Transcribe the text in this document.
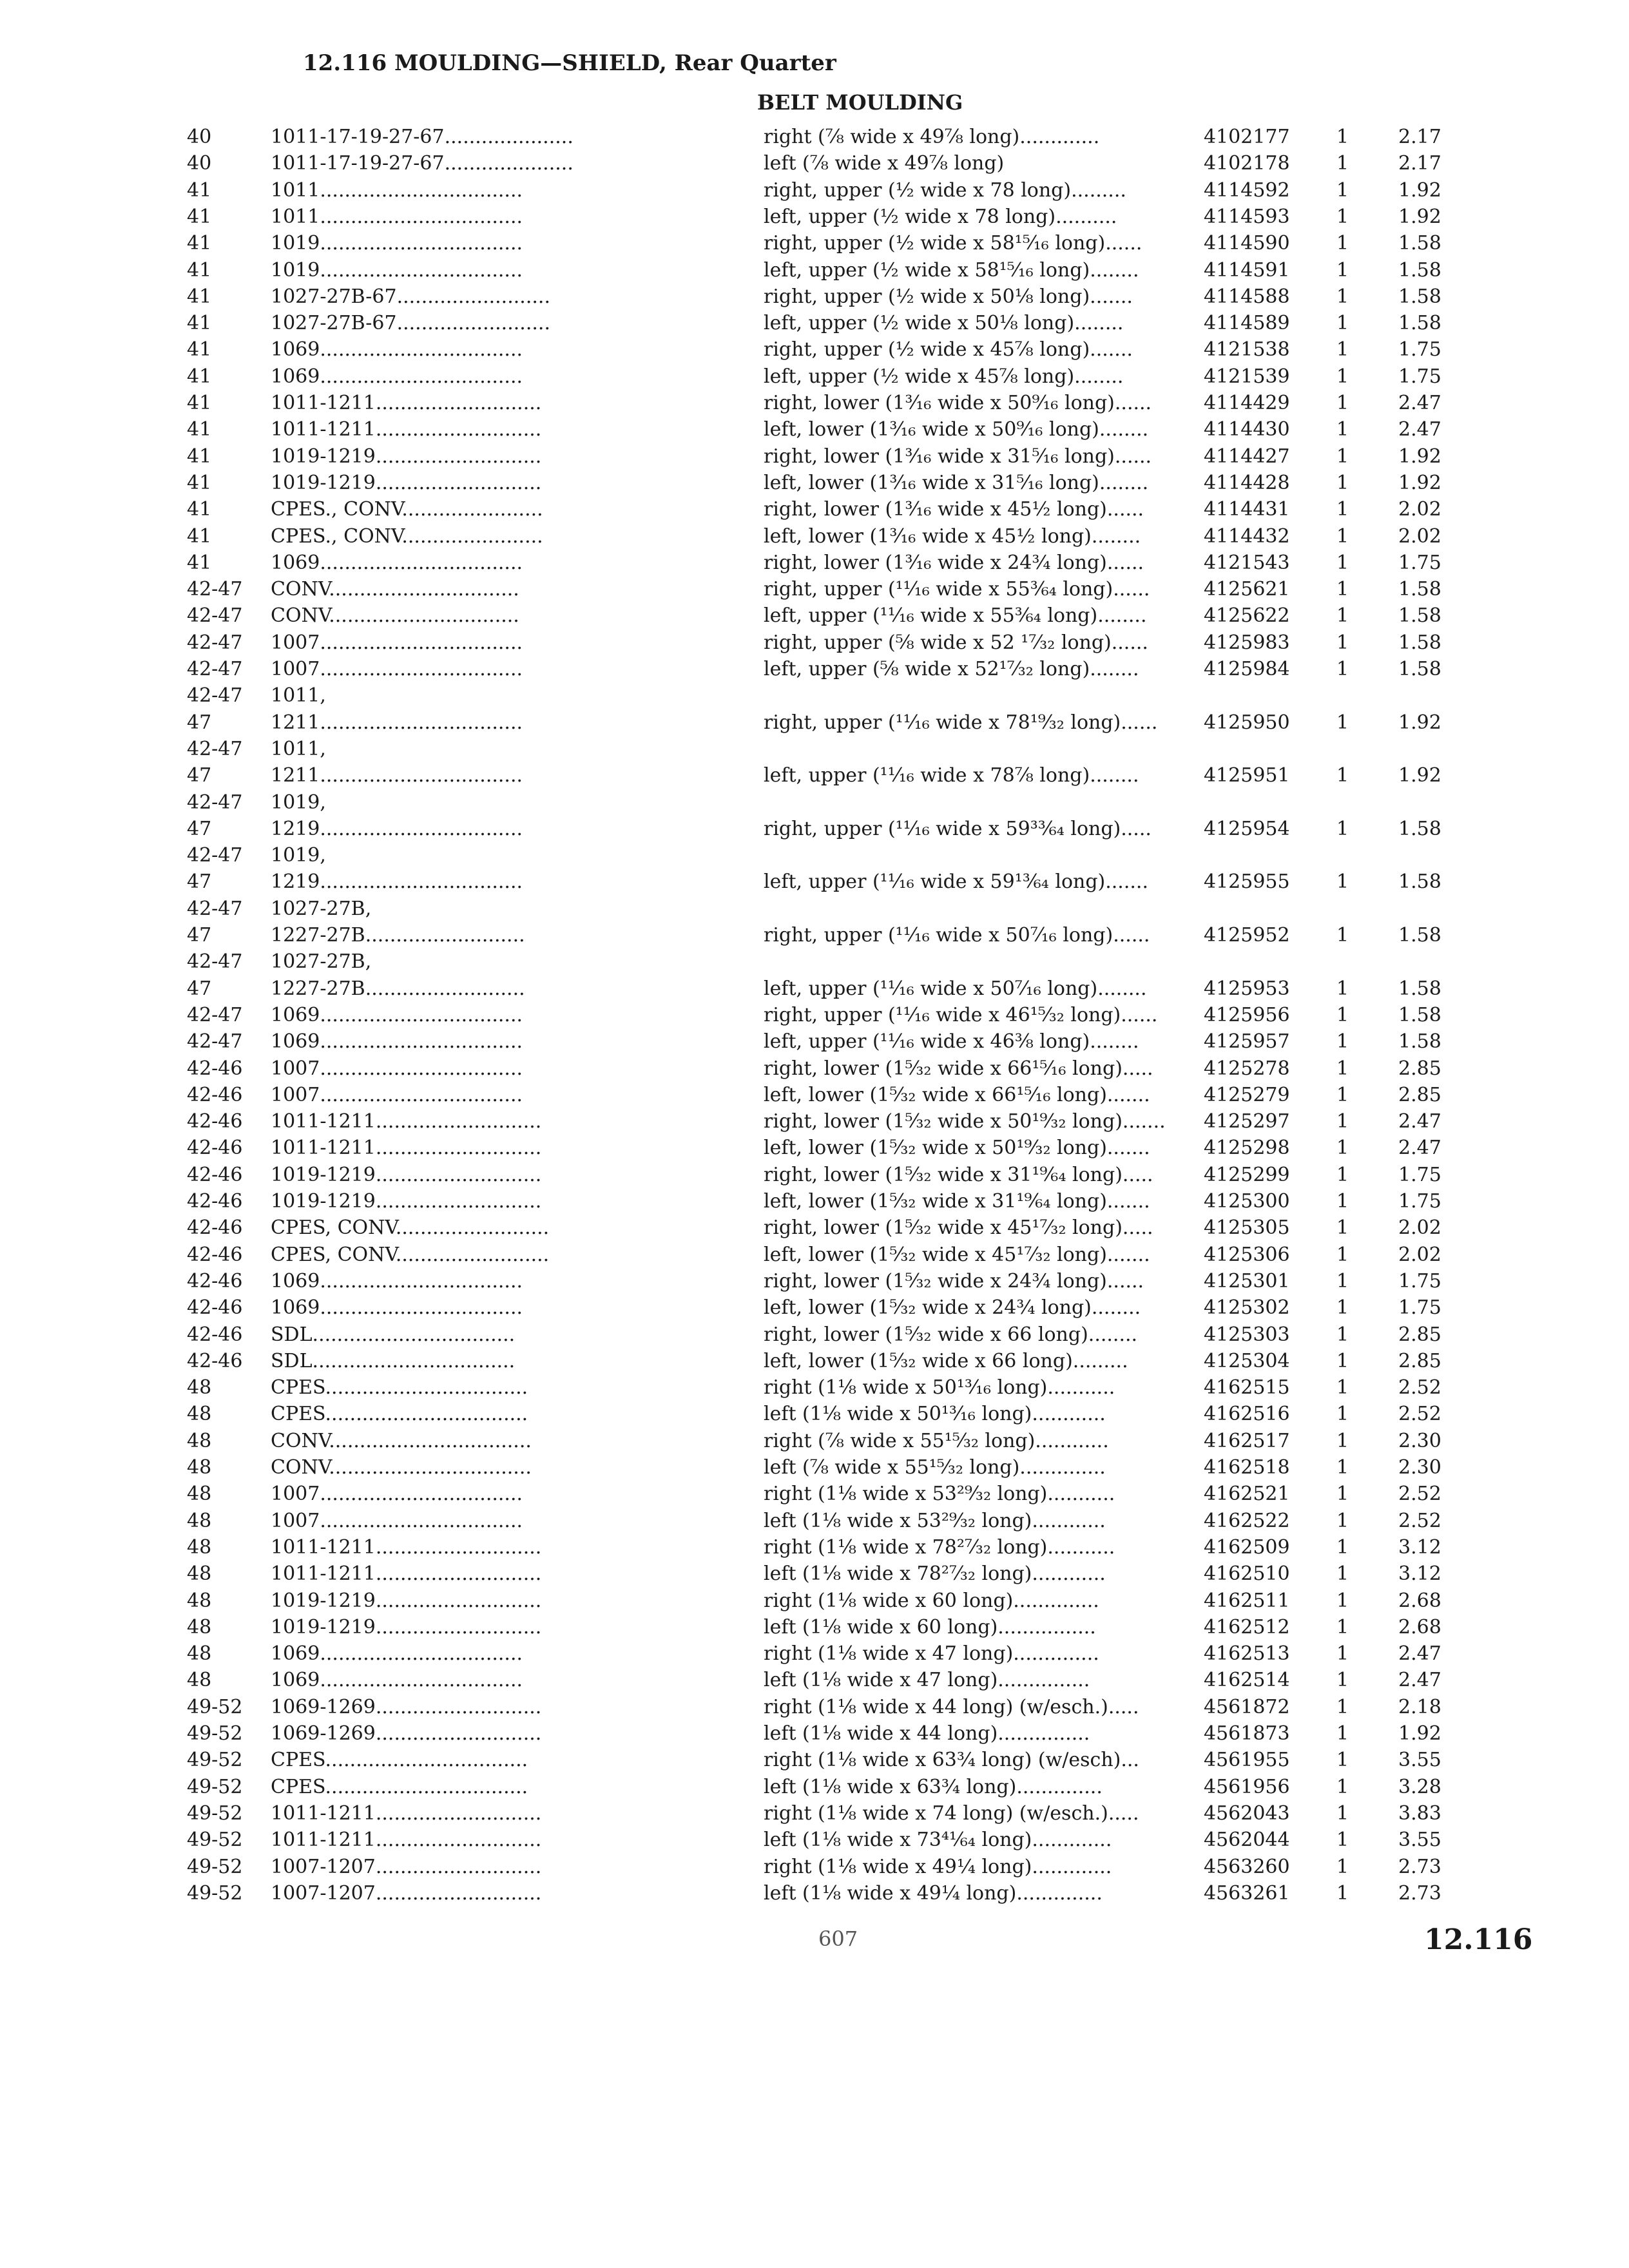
12.116 MOULDING—SHIELD, Rear Quarter
BELT MOULDING
40	1011-17-19-27-67.....................	right (⅞ wide x 49⅞ long).............	4102177 1	2.17
40	1011-17-19-27-67.....................	left (⅞ wide x 49⅞ long)	4102178 1	2.17
41	1011.................................	right, upper (½ wide x 78 long).........	4114592 1	1.92
41	1011.................................	left, upper (½ wide x 78 long)..........	4114593 1	1.92
41	1019.................................	right, upper (½ wide x 58¹⁵⁄₁₆ long)......	4114590 1	1.58
41	1019.................................	left, upper (½ wide x 58¹⁵⁄₁₆ long)........	4114591 1	1.58
41	1027-27B-67.........................	right, upper (½ wide x 50⅛ long).......	4114588 1	1.58
41	1027-27B-67.........................	left, upper (½ wide x 50⅛ long)........	4114589 1	1.58
41	1069.................................	right, upper (½ wide x 45⅞ long).......	4121538 1	1.75
41	1069.................................	left, upper (½ wide x 45⅞ long)........	4121539 1	1.75
41	1011-1211...........................	right, lower (1³⁄₁₆ wide x 50⁹⁄₁₆ long)......	4114429 1	2.47
41	1011-1211...........................	left, lower (1³⁄₁₆ wide x 50⁹⁄₁₆ long)........	4114430 1	2.47
41	1019-1219...........................	right, lower (1³⁄₁₆ wide x 31⁵⁄₁₆ long)......	4114427 1	1.92
41	1019-1219...........................	left, lower (1³⁄₁₆ wide x 31⁵⁄₁₆ long)........	4114428 1	1.92
41	CPES., CONV.......................	right, lower (1³⁄₁₆ wide x 45½ long)......	4114431 1	2.02
41	CPES., CONV.......................	left, lower (1³⁄₁₆ wide x 45½ long)........	4114432 1	2.02
41	1069.................................	right, lower (1³⁄₁₆ wide x 24¾ long)......	4121543 1	1.75
42-47 CONV...............................	right, upper (¹¹⁄₁₆ wide x 55³⁄₆₄ long)......	4125621 1	1.58
42-47 CONV...............................	left, upper (¹¹⁄₁₆ wide x 55³⁄₆₄ long)........	4125622 1	1.58
42-47 1007.................................	right, upper (⅝ wide x 52 ¹⁷⁄₃₂ long)......	4125983 1	1.58
42-47 1007.................................	left, upper (⅝ wide x 52¹⁷⁄₃₂ long)........	4125984 1	1.58
42-47 1011,
47	1211.................................	right, upper (¹¹⁄₁₆ wide x 78¹⁹⁄₃₂ long)......	4125950 1	1.92
42-47 1011,
47	1211.................................	left, upper (¹¹⁄₁₆ wide x 78⅞ long)........	4125951 1	1.92
42-47 1019,
47	1219.................................	right, upper (¹¹⁄₁₆ wide x 59³³⁄₆₄ long).....	4125954 1	1.58
42-47 1019,
47	1219.................................	left, upper (¹¹⁄₁₆ wide x 59¹³⁄₆₄ long).......	4125955 1	1.58
42-47 1027-27B,
47	1227-27B..........................	right, upper (¹¹⁄₁₆ wide x 50⁷⁄₁₆ long)......	4125952 1	1.58
42-47 1027-27B,
47	1227-27B..........................	left, upper (¹¹⁄₁₆ wide x 50⁷⁄₁₆ long)........	4125953 1	1.58
42-47 1069.................................	right, upper (¹¹⁄₁₆ wide x 46¹⁵⁄₃₂ long)......	4125956 1	1.58
42-47 1069.................................	left, upper (¹¹⁄₁₆ wide x 46⅜ long)........	4125957 1	1.58
42-46 1007.................................	right, lower (1⁵⁄₃₂ wide x 66¹⁵⁄₁₆ long).....	4125278 1	2.85
42-46 1007.................................	left, lower (1⁵⁄₃₂ wide x 66¹⁵⁄₁₆ long).......	4125279 1	2.85
42-46 1011-1211...........................	right, lower (1⁵⁄₃₂ wide x 50¹⁹⁄₃₂ long).......	4125297 1	2.47
42-46 1011-1211...........................	left, lower (1⁵⁄₃₂ wide x 50¹⁹⁄₃₂ long).......	4125298 1	2.47
42-46 1019-1219...........................	right, lower (1⁵⁄₃₂ wide x 31¹⁹⁄₆₄ long).....	4125299 1	1.75
42-46 1019-1219...........................	left, lower (1⁵⁄₃₂ wide x 31¹⁹⁄₆₄ long).......	4125300 1	1.75
42-46 CPES, CONV.........................	right, lower (1⁵⁄₃₂ wide x 45¹⁷⁄₃₂ long).....	4125305 1	2.02
42-46 CPES, CONV.........................	left, lower (1⁵⁄₃₂ wide x 45¹⁷⁄₃₂ long).......	4125306 1	2.02
42-46 1069.................................	right, lower (1⁵⁄₃₂ wide x 24¾ long)......	4125301 1	1.75
42-46 1069.................................	left, lower (1⁵⁄₃₂ wide x 24¾ long)........	4125302 1	1.75
42-46 SDL.................................	right, lower (1⁵⁄₃₂ wide x 66 long)........	4125303 1	2.85
42-46 SDL.................................	left, lower (1⁵⁄₃₂ wide x 66 long).........	4125304 1	2.85
48	CPES.................................	right (1⅛ wide x 50¹³⁄₁₆ long)...........	4162515 1	2.52
48	CPES.................................	left (1⅛ wide x 50¹³⁄₁₆ long)............	4162516 1	2.52
48	CONV.................................	right (⅞ wide x 55¹⁵⁄₃₂ long)............	4162517 1	2.30
48	CONV.................................	left (⅞ wide x 55¹⁵⁄₃₂ long)..............	4162518 1	2.30
48	1007.................................	right (1⅛ wide x 53²⁹⁄₃₂ long)...........	4162521 1	2.52
48	1007.................................	left (1⅛ wide x 53²⁹⁄₃₂ long)............	4162522 1	2.52
48	1011-1211...........................	right (1⅛ wide x 78²⁷⁄₃₂ long)...........	4162509 1	3.12
48	1011-1211...........................	left (1⅛ wide x 78²⁷⁄₃₂ long)............	4162510 1	3.12
48	1019-1219...........................	right (1⅛ wide x 60 long)..............	4162511 1	2.68
48	1019-1219...........................	left (1⅛ wide x 60 long)................	4162512 1	2.68
48	1069.................................	right (1⅛ wide x 47 long)..............	4162513 1	2.47
48	1069.................................	left (1⅛ wide x 47 long)...............	4162514 1	2.47
49-52 1069-1269...........................	right (1⅛ wide x 44 long) (w/esch.).....	4561872 1	2.18
49-52 1069-1269...........................	left (1⅛ wide x 44 long)...............	4561873 1	1.92
49-52 CPES.................................	right (1⅛ wide x 63¾ long) (w/esch)...	4561955 1	3.55
49-52 CPES.................................	left (1⅛ wide x 63¾ long)..............	4561956 1	3.28
49-52 1011-1211...........................	right (1⅛ wide x 74 long) (w/esch.).....	4562043 1	3.83
49-52 1011-1211...........................	left (1⅛ wide x 73⁴¹⁄₆₄ long).............	4562044 1	3.55
49-52 1007-1207...........................	right (1⅛ wide x 49¼ long).............	4563260 1	2.73
49-52 1007-1207...........................	left (1⅛ wide x 49¼ long)..............	4563261 1	2.73
607	12.116
